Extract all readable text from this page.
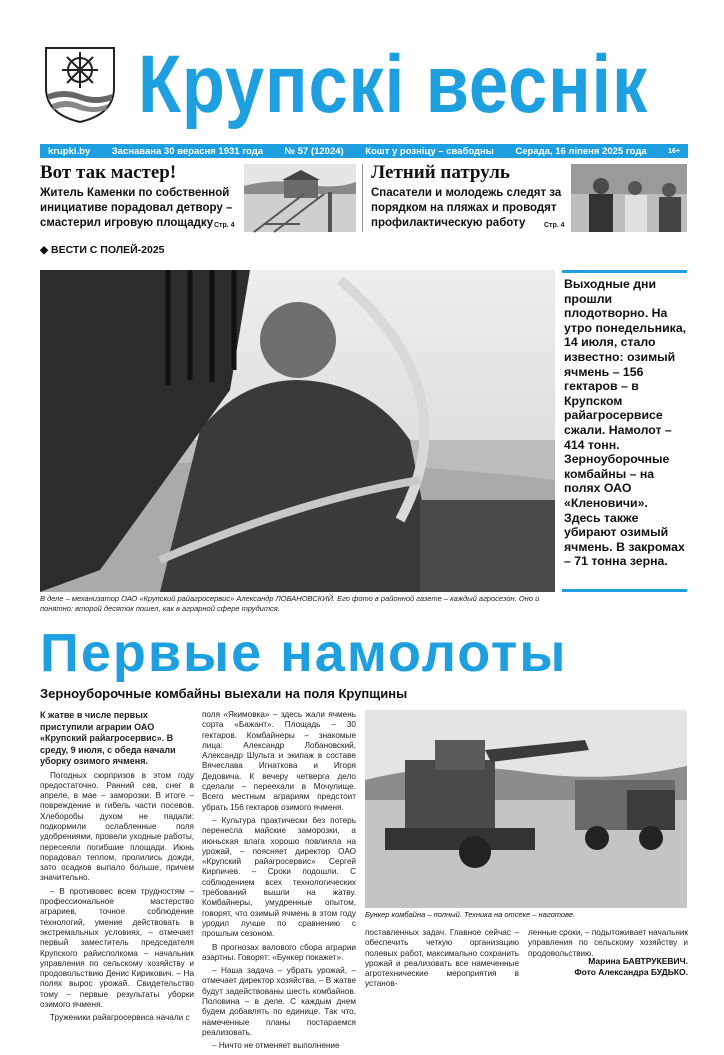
Крупскі веснік
krupki.by Заснавана 30 верасня 1931 года № 57 (12024) Кошт у розніцу – свабодны Серада, 16 ліпеня 2025 года	16+
Вот так мастер!

Житель Каменки по собственной инициативе порадовал детвору – смастерил игровую площадку Стр. 4
Летний патруль

Спасатели и молодежь следят за порядком на пляжах и проводят профилактическую работу	Стр. 4
◆ ВЕСТИ С ПОЛЕЙ-2025
В деле – механизатор ОАО «Крупский райагросервис» Александр ЛОБАНОВСКИЙ. Его фото в районной газете – каждый агросезон. Оно и понятно: второй десяток пошел, как в аграрной сфере трудится.

Выходные дни прошли плодотворно. На утро понедельника, 14 июля, стало известно: озимый ячмень – 156 гектаров – в Крупском райагросервисе сжали. Намолот – 414 тонн. Зерноуборочные комбайны – на полях ОАО «Кленовичи». Здесь также убирают озимый ячмень. В закромах – 71 тонна зерна.

Первые намолоты
Зерноуборочные комбайны выехали на поля Крупщины

К жатве в числе первых приступили аграрии ОАО «Крупский райагросервис». В среду, 9 июля, с обеда начали уборку озимого ячменя.

Погодных сюрпризов в этом году предостаточно. Ранний сев, снег в апреле, в мае – заморозки. В итоге – повреждение и гибель части посевов. Хлеборобы духом не падали: подкормили ослабленные поля удобрениями, провели уходные работы, пересеяли погибшие площади. Июнь порадовал теплом, пролились дожди, зато осадков выпало больше, причем значительно.

– В противовес всем трудностям – профессиональное мастерство аграриев, точное соблюдение технологий, умение действовать в экстремальных условиях, – отмечает первый заместитель председателя Крупского райисполкома – начальник управления по сельскому хозяйству и продовольствию Денис Кирикович. – На полях вырос урожай. Свидетельство тому – первые результаты уборки озимого ячменя.

Труженики райагросервиса начали с

поля «Якимовка» – здесь жали ячмень сорта «Бажант». Площадь – 30 гектаров. Комбайнеры – знакомые лица: Александр Лобановский, Александр Шульга и экипаж в составе Вячеслава Игнаткова и Игоря Дедовича. К вечеру четверга дело сделали – переехали в Мочулище. Всего местным аграриям предстоит убрать 156 гектаров озимого ячменя.

– Культура практически без потерь перенесла майские заморозки, а июньская влага хорошо повлияла на урожай, – поясняет директор ОАО «Крупский райагросервис» Сергей Кирпичев. – Сроки подошли. С соблюдением всех технологических требований вышли на жатву. Комбайнеры, умудренные опытом, говорят, что озимый ячмень в этом году уродил лучше по сравнению с прошлым сезоном.

В прогнозах валового сбора аграрии азартны. Говорят: «Бункер покажет».

– Наша задача – убрать урожай, – отмечает директор хозяйства. – В жатве будут задействованы шесть комбайнов. Половина – в деле. С каждым днем будем добавлять по единице. Так что, намеченные планы постараемся реализовать.

– Ничто не отменяет выполнение

Бункер комбайна – полный. Техника на отсеке – наготове.

поставленных задач. Главное сейчас – обеспечить четкую организацию полевых работ, максимально сохранить урожай и реализовать все намеченные агротехнические мероприятия в установ-

ленные сроки, – подытоживает начальник управления по сельскому хозяйству и продовольствию.

Марина БАВТРУКЕВИЧ.
Фото Александра БУДЬКО.
